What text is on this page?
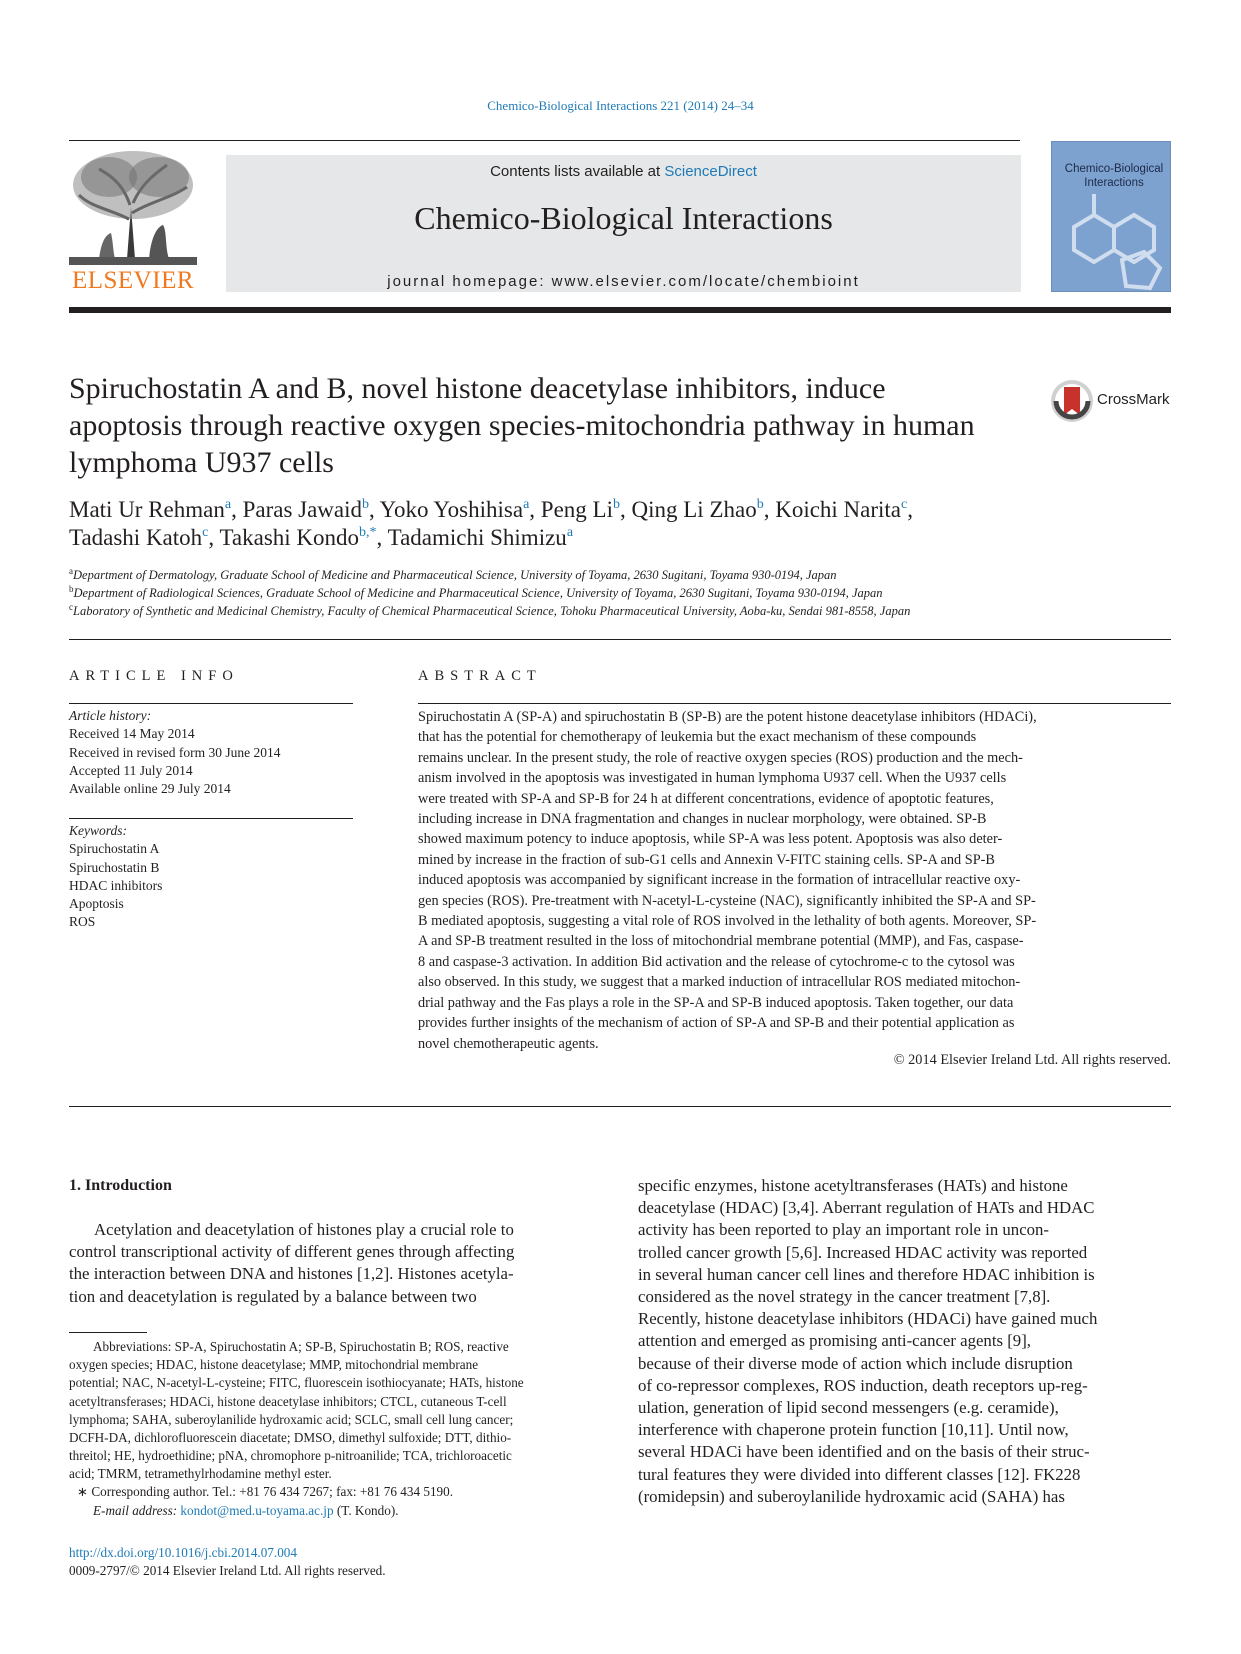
Chemico-Biological Interactions 221 (2014) 24–34
ELSEVIER
Contents lists available at ScienceDirect
Chemico-Biological Interactions
journal homepage: www.elsevier.com/locate/chembioint
Chemico-Biological Interactions
Spiruchostatin A and B, novel histone deacetylase inhibitors, induce apoptosis through reactive oxygen species-mitochondria pathway in human lymphoma U937 cells
CrossMark
Mati Ur Rehman$^a$, Paras Jawaid$^b$, Yoko Yoshihisa$^a$, Peng Li$^b$, Qing Li Zhao$^b$, Koichi Narita$^c$,
Tadashi Katoh$^c$, Takashi Kondo$^{b,*}$, Tadamichi Shimizu$^a$
$^a$Department of Dermatology, Graduate School of Medicine and Pharmaceutical Science, University of Toyama, 2630 Sugitani, Toyama 930-0194, Japan
$^b$Department of Radiological Sciences, Graduate School of Medicine and Pharmaceutical Science, University of Toyama, 2630 Sugitani, Toyama 930-0194, Japan
$^c$Laboratory of Synthetic and Medicinal Chemistry, Faculty of Chemical Pharmaceutical Science, Tohoku Pharmaceutical University, Aoba-ku, Sendai 981-8558, Japan
ARTICLE INFO
Article history:
Received 14 May 2014
Received in revised form 30 June 2014
Accepted 11 July 2014
Available online 29 July 2014
Keywords:
Spiruchostatin A
Spiruchostatin B
HDAC inhibitors
Apoptosis
ROS
ABSTRACT
Spiruchostatin A (SP-A) and spiruchostatin B (SP-B) are the potent histone deacetylase inhibitors (HDACi),
that has the potential for chemotherapy of leukemia but the exact mechanism of these compounds
remains unclear. In the present study, the role of reactive oxygen species (ROS) production and the mech-
anism involved in the apoptosis was investigated in human lymphoma U937 cell. When the U937 cells
were treated with SP-A and SP-B for 24 h at different concentrations, evidence of apoptotic features,
including increase in DNA fragmentation and changes in nuclear morphology, were obtained. SP-B
showed maximum potency to induce apoptosis, while SP-A was less potent. Apoptosis was also deter-
mined by increase in the fraction of sub-G1 cells and Annexin V-FITC staining cells. SP-A and SP-B
induced apoptosis was accompanied by significant increase in the formation of intracellular reactive oxy-
gen species (ROS). Pre-treatment with N-acetyl-L-cysteine (NAC), significantly inhibited the SP-A and SP-
B mediated apoptosis, suggesting a vital role of ROS involved in the lethality of both agents. Moreover, SP-
A and SP-B treatment resulted in the loss of mitochondrial membrane potential (MMP), and Fas, caspase-
8 and caspase-3 activation. In addition Bid activation and the release of cytochrome-c to the cytosol was
also observed. In this study, we suggest that a marked induction of intracellular ROS mediated mitochon-
drial pathway and the Fas plays a role in the SP-A and SP-B induced apoptosis. Taken together, our data
provides further insights of the mechanism of action of SP-A and SP-B and their potential application as
novel chemotherapeutic agents.
© 2014 Elsevier Ireland Ltd. All rights reserved.
1. Introduction
Acetylation and deacetylation of histones play a crucial role to
control transcriptional activity of different genes through affecting
the interaction between DNA and histones [1,2]. Histones acetyla-
tion and deacetylation is regulated by a balance between two
specific enzymes, histone acetyltransferases (HATs) and histone
deacetylase (HDAC) [3,4]. Aberrant regulation of HATs and HDAC
activity has been reported to play an important role in uncon-
trolled cancer growth [5,6]. Increased HDAC activity was reported
in several human cancer cell lines and therefore HDAC inhibition is
considered as the novel strategy in the cancer treatment [7,8].
Recently, histone deacetylase inhibitors (HDACi) have gained much
attention and emerged as promising anti-cancer agents [9],
because of their diverse mode of action which include disruption
of co-repressor complexes, ROS induction, death receptors up-reg-
ulation, generation of lipid second messengers (e.g. ceramide),
interference with chaperone protein function [10,11]. Until now,
several HDACi have been identified and on the basis of their struc-
tural features they were divided into different classes [12]. FK228
(romidepsin) and suberoylanilide hydroxamic acid (SAHA) has
Abbreviations: SP-A, Spiruchostatin A; SP-B, Spiruchostatin B; ROS, reactive
oxygen species; HDAC, histone deacetylase; MMP, mitochondrial membrane
potential; NAC, N-acetyl-L-cysteine; FITC, fluorescein isothiocyanate; HATs, histone
acetyltransferases; HDACi, histone deacetylase inhibitors; CTCL, cutaneous T-cell
lymphoma; SAHA, suberoylanilide hydroxamic acid; SCLC, small cell lung cancer;
DCFH-DA, dichlorofluorescein diacetate; DMSO, dimethyl sulfoxide; DTT, dithio-
threitol; HE, hydroethidine; pNA, chromophore p-nitroanilide; TCA, trichloroacetic
acid; TMRM, tetramethylrhodamine methyl ester.
∗ Corresponding author. Tel.: +81 76 434 7267; fax: +81 76 434 5190.
E-mail address: kondot@med.u-toyama.ac.jp (T. Kondo).
http://dx.doi.org/10.1016/j.cbi.2014.07.004
0009-2797/© 2014 Elsevier Ireland Ltd. All rights reserved.
